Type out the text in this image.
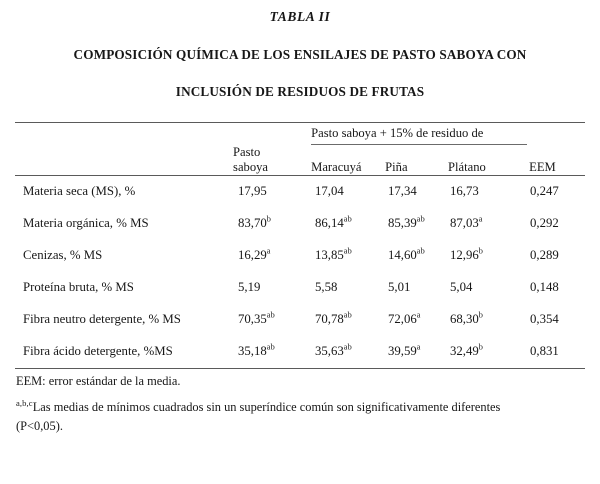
TABLA II
COMPOSICIÓN QUÍMICA DE LOS ENSILAJES DE PASTO SABOYA CON
INCLUSIÓN DE RESIDUOS DE FRUTAS
		Pasto saboya + 15% de residuo de		

	Pasto
saboya	Maracuyá	Piña	Plátano	EEM
Materia seca (MS), %	17,95	17,04	17,34	16,73	0,247
Materia orgánica, % MS	83,70$^b$	86,14$^{ab}$	85,39$^{ab}$	87,03$^a$	0,292
Cenizas, % MS	16,29$^a$	13,85$^{ab}$	14,60$^{ab}$	12,96$^b$	0,289
Proteína bruta, % MS	5,19	5,58	5,01	5,04	0,148
Fibra neutro detergente, % MS	70,35$^{ab}$	70,78$^{ab}$	72,06$^a$	68,30$^b$	0,354
Fibra ácido detergente, %MS	35,18$^{ab}$	35,63$^{ab}$	39,59$^a$	32,49$^b$	0,831
EEM: error estándar de la media.
$^{a,b,c}$Las medias de mínimos cuadrados sin un superíndice común son significativamente diferentes
(P<0,05).
